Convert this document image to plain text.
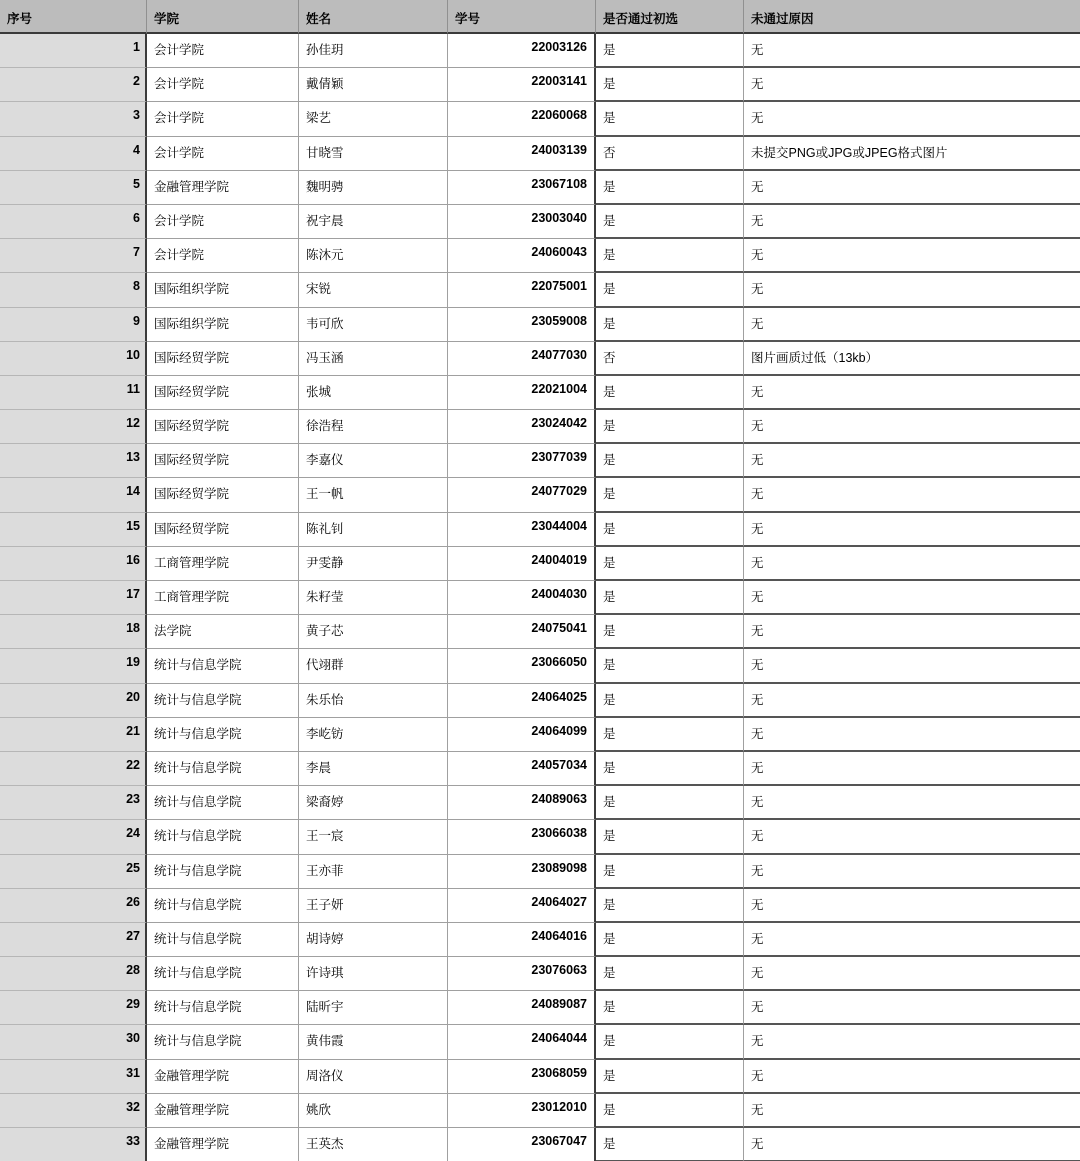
序号	学院	姓名	学号	是否通过初选	未通过原因
1	会计学院	孙佳玥	22003126	是	无
2	会计学院	戴倩颖	22003141	是	无
3	会计学院	梁艺	22060068	是	无
4	会计学院	甘晓雪	24003139	否	未提交PNG或JPG或JPEG格式图片
5	金融管理学院	魏明骋	23067108	是	无
6	会计学院	祝宇晨	23003040	是	无
7	会计学院	陈沐元	24060043	是	无
8	国际组织学院	宋锐	22075001	是	无
9	国际组织学院	韦可欣	23059008	是	无
10	国际经贸学院	冯玉涵	24077030	否	图片画质过低（13kb）
11	国际经贸学院	张城	22021004	是	无
12	国际经贸学院	徐浩程	23024042	是	无
13	国际经贸学院	李嘉仪	23077039	是	无
14	国际经贸学院	王一帆	24077029	是	无
15	国际经贸学院	陈礼钊	23044004	是	无
16	工商管理学院	尹雯静	24004019	是	无
17	工商管理学院	朱籽莹	24004030	是	无
18	法学院	黄子芯	24075041	是	无
19	统计与信息学院	代翊群	23066050	是	无
20	统计与信息学院	朱乐怡	24064025	是	无
21	统计与信息学院	李屹钫	24064099	是	无
22	统计与信息学院	李晨	24057034	是	无
23	统计与信息学院	梁裔婷	24089063	是	无
24	统计与信息学院	王一宸	23066038	是	无
25	统计与信息学院	王亦菲	23089098	是	无
26	统计与信息学院	王子妍	24064027	是	无
27	统计与信息学院	胡诗婷	24064016	是	无
28	统计与信息学院	许诗琪	23076063	是	无
29	统计与信息学院	陆昕宇	24089087	是	无
30	统计与信息学院	黄伟霞	24064044	是	无
31	金融管理学院	周洛仪	23068059	是	无
32	金融管理学院	姚欣	23012010	是	无
33	金融管理学院	王英杰	23067047	是	无
